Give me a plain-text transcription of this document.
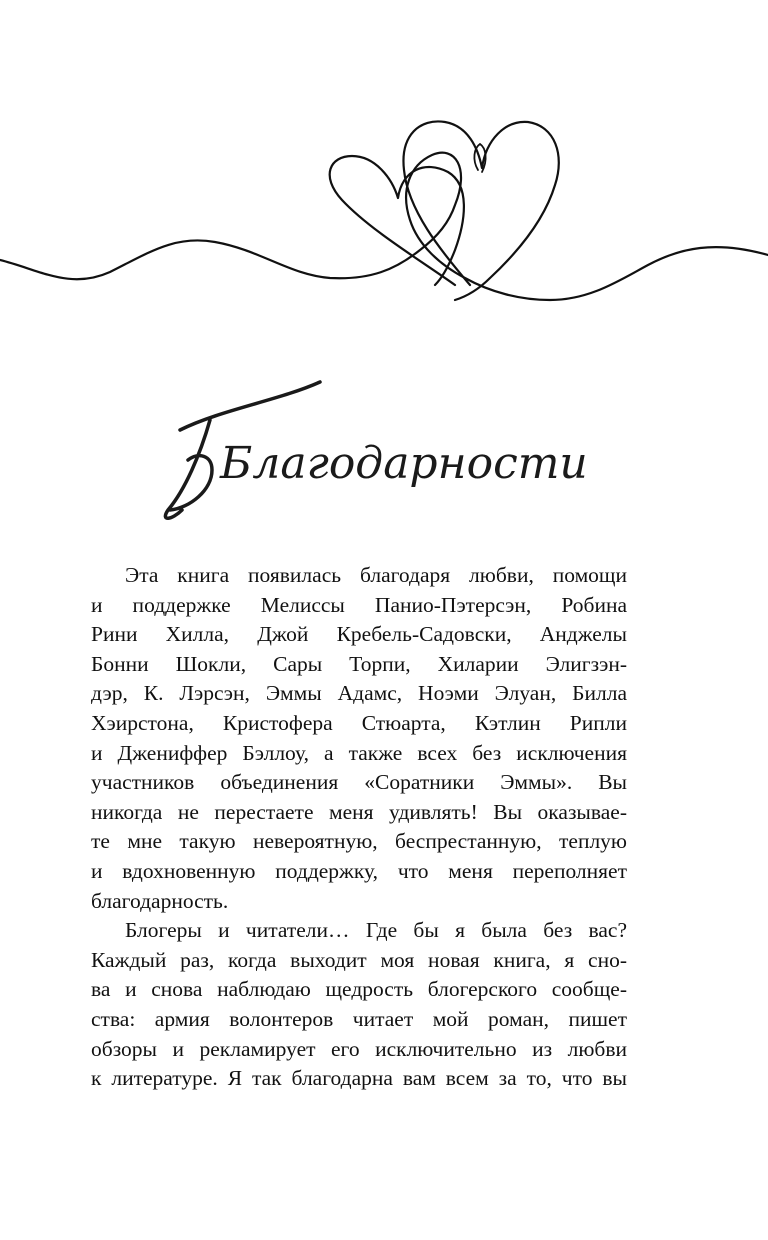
Благодарности

Эта книга появилась благодаря любви, помощи
и поддержке Мелиссы Панио-Пэтерсэн, Робина
Рини Хилла, Джой Кребель-Садовски, Анджелы
Бонни Шокли, Сары Торпи, Хиларии Элигзэн-
дэр, К. Лэрсэн, Эммы Адамс, Ноэми Элуан, Билла
Хэирстона, Кристофера Стюарта, Кэтлин Рипли
и Джениффер Бэллоу, а также всех без исключения
участников объединения «Соратники Эммы». Вы
никогда не перестаете меня удивлять! Вы оказывае-
те мне такую невероятную, беспрестанную, теплую
и вдохновенную поддержку, что меня переполняет
благодарность.

Блогеры и читатели… Где бы я была без вас?
Каждый раз, когда выходит моя новая книга, я сно-
ва и снова наблюдаю щедрость блогерского сообще-
ства: армия волонтеров читает мой роман, пишет
обзоры и рекламирует его исключительно из любви
к литературе. Я так благодарна вам всем за то, что вы
